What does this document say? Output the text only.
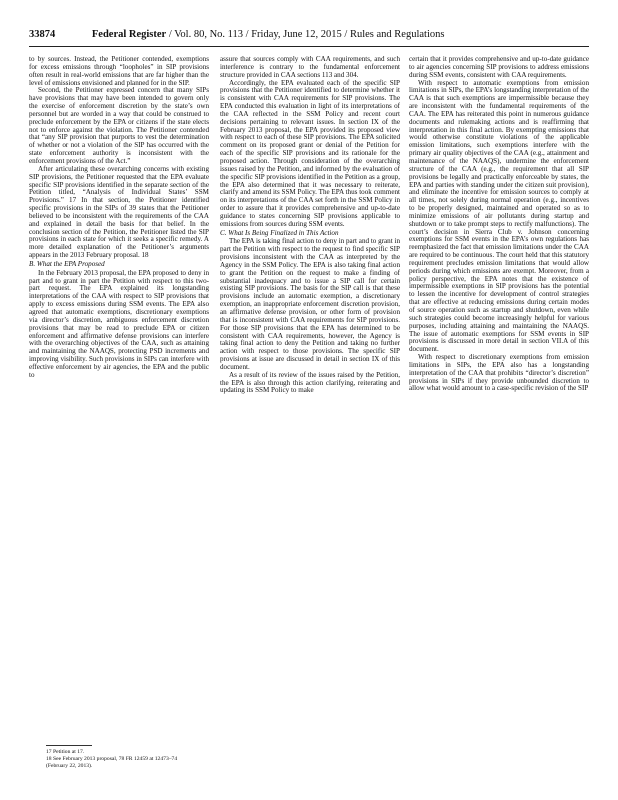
33874	Federal Register / Vol. 80, No. 113 / Friday, June 12, 2015 / Rules and Regulations

to by sources. Instead, the Petitioner contended, exemptions for excess emissions through “loopholes” in SIP provisions often result in real-world emissions that are far higher than the level of emissions envisioned and planned for in the SIP.

Second, the Petitioner expressed concern that many SIPs have provisions that may have been intended to govern only the exercise of enforcement discretion by the state’s own personnel but are worded in a way that could be construed to preclude enforcement by the EPA or citizens if the state elects not to enforce against the violation. The Petitioner contended that “any SIP provision that purports to vest the determination of whether or not a violation of the SIP has occurred with the state enforcement authority is inconsistent with the enforcement provisions of the Act.”

After articulating these overarching concerns with existing SIP provisions, the Petitioner requested that the EPA evaluate specific SIP provisions identified in the separate section of the Petition titled, “Analysis of Individual States’ SSM Provisions.” 17 In that section, the Petitioner identified specific provisions in the SIPs of 39 states that the Petitioner believed to be inconsistent with the requirements of the CAA and explained in detail the basis for that belief. In the conclusion section of the Petition, the Petitioner listed the SIP provisions in each state for which it seeks a specific remedy. A more detailed explanation of the Petitioner’s arguments appears in the 2013 February proposal. 18

B. What the EPA Proposed

In the February 2013 proposal, the EPA proposed to deny in part and to grant in part the Petition with respect to this two-part request. The EPA explained its longstanding interpretations of the CAA with respect to SIP provisions that apply to excess emissions during SSM events. The EPA also agreed that automatic exemptions, discretionary exemptions via director’s discretion, ambiguous enforcement discretion provisions that may be read to preclude EPA or citizen enforcement and affirmative defense provisions can interfere with the overarching objectives of the CAA, such as attaining and maintaining the NAAQS, protecting PSD increments and improving visibility. Such provisions in SIPs can interfere with effective enforcement by air agencies, the EPA and the public to

assure that sources comply with CAA requirements, and such interference is contrary to the fundamental enforcement structure provided in CAA sections 113 and 304.

Accordingly, the EPA evaluated each of the specific SIP provisions that the Petitioner identified to determine whether it is consistent with CAA requirements for SIP provisions. The EPA conducted this evaluation in light of its interpretations of the CAA reflected in the SSM Policy and recent court decisions pertaining to relevant issues. In section IX of the February 2013 proposal, the EPA provided its proposed view with respect to each of these SIP provisions. The EPA solicited comment on its proposed grant or denial of the Petition for each of the specific SIP provisions and its rationale for the proposed action. Through consideration of the overarching issues raised by the Petition, and informed by the evaluation of the specific SIP provisions identified in the Petition as a group, the EPA also determined that it was necessary to reiterate, clarify and amend its SSM Policy. The EPA thus took comment on its interpretations of the CAA set forth in the SSM Policy in order to assure that it provides comprehensive and up-to-date guidance to states concerning SIP provisions applicable to emissions from sources during SSM events.

C. What Is Being Finalized in This Action

The EPA is taking final action to deny in part and to grant in part the Petition with respect to the request to find specific SIP provisions inconsistent with the CAA as interpreted by the Agency in the SSM Policy. The EPA is also taking final action to grant the Petition on the request to make a finding of substantial inadequacy and to issue a SIP call for certain existing SIP provisions. The basis for the SIP call is that these provisions include an automatic exemption, a discretionary exemption, an inappropriate enforcement discretion provision, an affirmative defense provision, or other form of provision that is inconsistent with CAA requirements for SIP provisions. For those SIP provisions that the EPA has determined to be consistent with CAA requirements, however, the Agency is taking final action to deny the Petition and taking no further action with respect to those provisions. The specific SIP provisions at issue are discussed in detail in section IX of this document.

As a result of its review of the issues raised by the Petition, the EPA is also through this action clarifying, reiterating and updating its SSM Policy to make

certain that it provides comprehensive and up-to-date guidance to air agencies concerning SIP provisions to address emissions during SSM events, consistent with CAA requirements.

With respect to automatic exemptions from emission limitations in SIPs, the EPA’s longstanding interpretation of the CAA is that such exemptions are impermissible because they are inconsistent with the fundamental requirements of the CAA. The EPA has reiterated this point in numerous guidance documents and rulemaking actions and is reaffirming that interpretation in this final action. By exempting emissions that would otherwise constitute violations of the applicable emission limitations, such exemptions interfere with the primary air quality objectives of the CAA (e.g., attainment and maintenance of the NAAQS), undermine the enforcement structure of the CAA (e.g., the requirement that all SIP provisions be legally and practically enforceable by states, the EPA and parties with standing under the citizen suit provision), and eliminate the incentive for emission sources to comply at all times, not solely during normal operation (e.g., incentives to be properly designed, maintained and operated so as to minimize emissions of air pollutants during startup and shutdown or to take prompt steps to rectify malfunctions). The court’s decision in Sierra Club v. Johnson concerning exemptions for SSM events in the EPA’s own regulations has reemphasized the fact that emission limitations under the CAA are required to be continuous. The court held that this statutory requirement precludes emission limitations that would allow periods during which emissions are exempt. Moreover, from a policy perspective, the EPA notes that the existence of impermissible exemptions in SIP provisions has the potential to lessen the incentive for development of control strategies that are effective at reducing emissions during certain modes of source operation such as startup and shutdown, even while such strategies could become increasingly helpful for various purposes, including attaining and maintaining the NAAQS. The issue of automatic exemptions for SSM events in SIP provisions is discussed in more detail in section VII.A of this document.

With respect to discretionary exemptions from emission limitations in SIPs, the EPA also has a longstanding interpretation of the CAA that prohibits “director’s discretion” provisions in SIPs if they provide unbounded discretion to allow what would amount to a case-specific revision of the SIP

17 Petition at 17.
18 See February 2013 proposal, 78 FR 12459 at 12473–74 (February 22, 2013).
